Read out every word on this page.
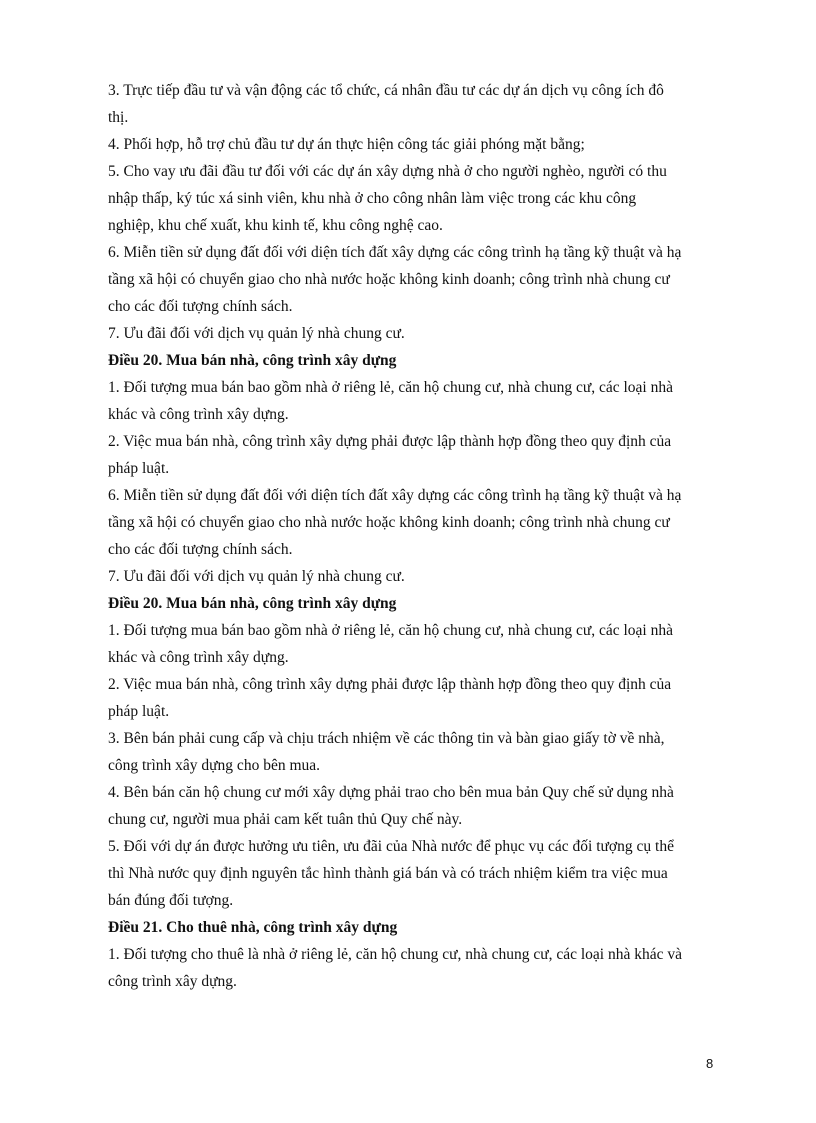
3. Trực tiếp đầu tư và vận động các tổ chức, cá nhân đầu tư các dự án dịch vụ công ích đô
thị.
4. Phối hợp, hỗ trợ chủ đầu tư dự án thực hiện công tác giải phóng mặt bằng;
5. Cho vay ưu đãi đầu tư đối với các dự án xây dựng nhà ở cho người nghèo, người có thu
nhập thấp, ký túc xá sinh viên, khu nhà ở cho công nhân làm việc trong các khu công
nghiệp, khu chế xuất, khu kinh tế, khu công nghệ cao.
6. Miễn tiền sử dụng đất đối với diện tích đất xây dựng các công trình hạ tầng kỹ thuật và hạ
tầng xã hội có chuyển giao cho nhà nước hoặc không kinh doanh; công trình nhà chung cư
cho các đối tượng chính sách.
7. Ưu đãi đối với dịch vụ quản lý nhà chung cư.
Điều 20. Mua bán nhà, công trình xây dựng
1. Đối tượng mua bán bao gồm nhà ở riêng lẻ, căn hộ chung cư, nhà chung cư, các loại nhà
khác và công trình xây dựng.
2. Việc mua bán nhà, công trình xây dựng phải được lập thành hợp đồng theo quy định của
pháp luật.
6. Miễn tiền sử dụng đất đối với diện tích đất xây dựng các công trình hạ tầng kỹ thuật và hạ
tầng xã hội có chuyển giao cho nhà nước hoặc không kinh doanh; công trình nhà chung cư
cho các đối tượng chính sách.
7. Ưu đãi đối với dịch vụ quản lý nhà chung cư.
Điều 20. Mua bán nhà, công trình xây dựng
1. Đối tượng mua bán bao gồm nhà ở riêng lẻ, căn hộ chung cư, nhà chung cư, các loại nhà
khác và công trình xây dựng.
2. Việc mua bán nhà, công trình xây dựng phải được lập thành hợp đồng theo quy định của
pháp luật.
3. Bên bán phải cung cấp và chịu trách nhiệm về các thông tin và bàn giao giấy tờ về nhà,
công trình xây dựng cho bên mua.
4. Bên bán căn hộ chung cư mới xây dựng phải trao cho bên mua bản Quy chế sử dụng nhà
chung cư, người mua phải cam kết tuân thủ Quy chế này.
5. Đối với dự án được hưởng ưu tiên, ưu đãi của Nhà nước để phục vụ các đối tượng cụ thể
thì Nhà nước quy định nguyên tắc hình thành giá bán và có trách nhiệm kiểm tra việc mua
bán đúng đối tượng.
Điều 21. Cho thuê nhà, công trình xây dựng
1. Đối tượng cho thuê là nhà ở riêng lẻ, căn hộ chung cư, nhà chung cư, các loại nhà khác và
công trình xây dựng.
8
